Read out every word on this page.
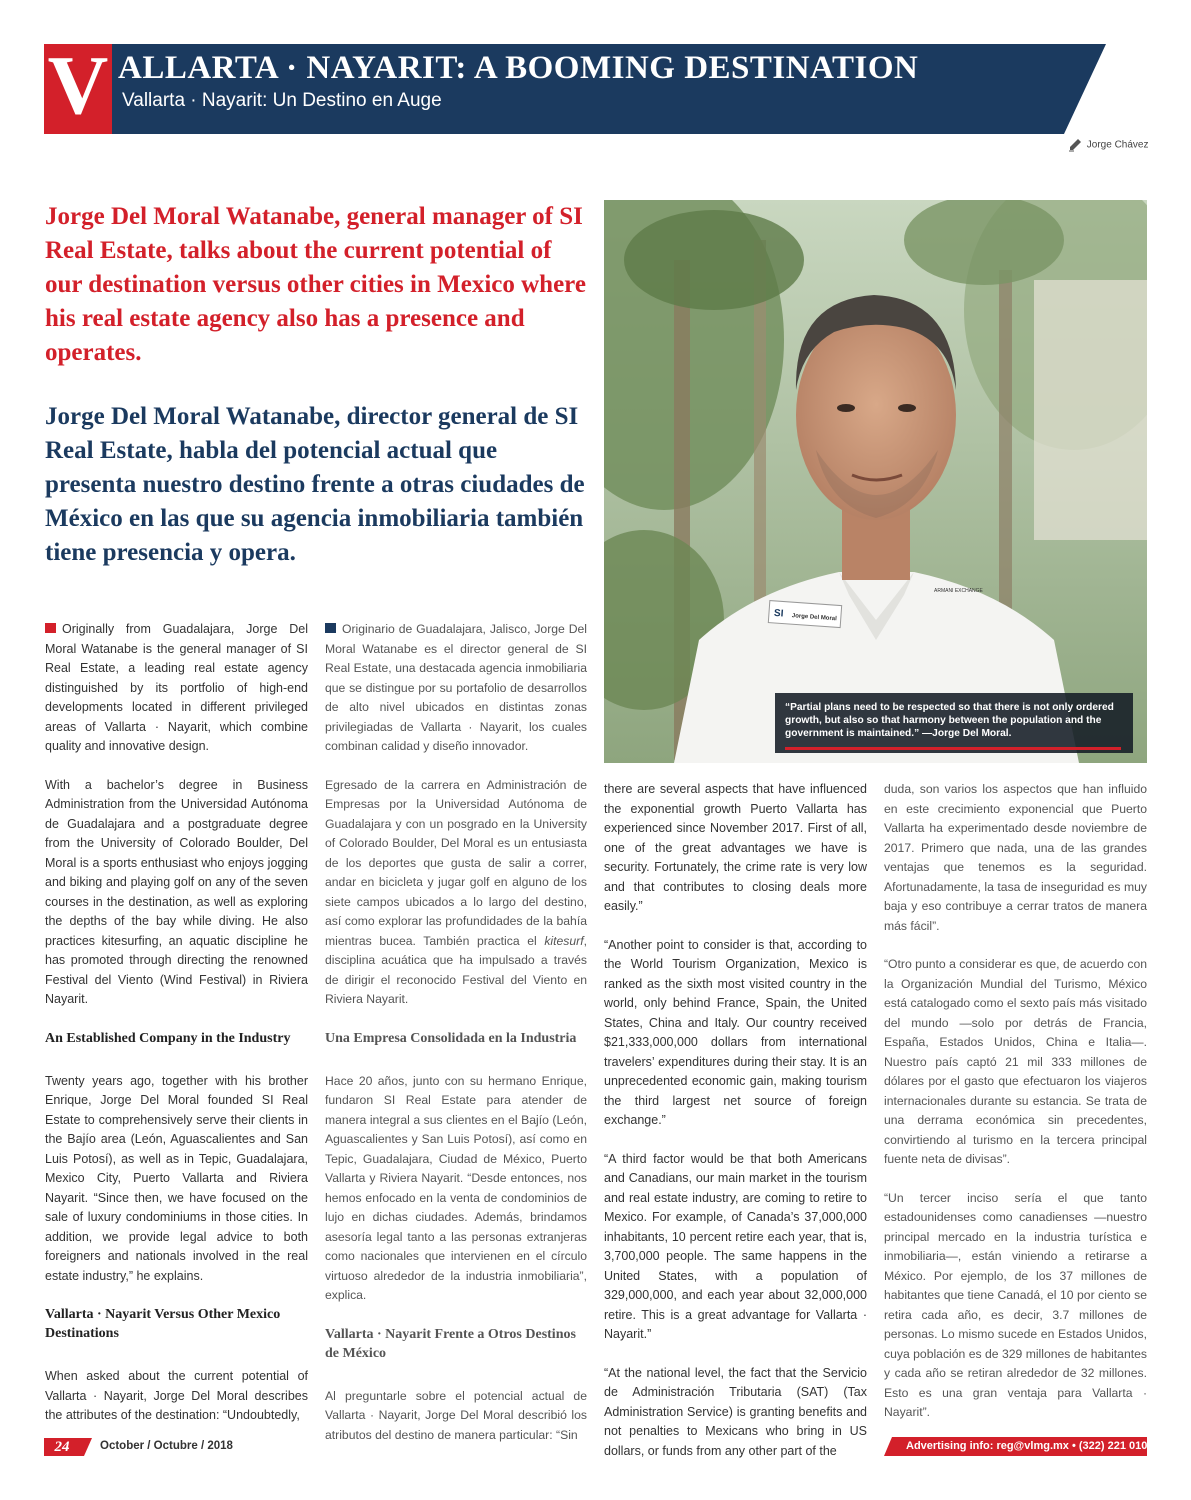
V ALLARTA · NAYARIT: A BOOMING DESTINATION
Vallarta · Nayarit: Un Destino en Auge
Jorge Chávez
Jorge Del Moral Watanabe, general manager of SI Real Estate, talks about the current potential of our destination versus other cities in Mexico where his real estate agency also has a presence and operates.
Jorge Del Moral Watanabe, director general de SI Real Estate, habla del potencial actual que presenta nuestro destino frente a otras ciudades de México en las que su agencia inmobiliaria también tiene presencia y opera.
SI Jorge Del Moral
ARMANI EXCHANGE
“Partial plans need to be respected so that there is not only ordered growth, but also so that harmony between the population and the government is maintained.” —Jorge Del Moral.

Originally from Guadalajara, Jorge Del Moral Watanabe is the general manager of SI Real Estate, a leading real estate agency distinguished by its portfolio of high-end developments located in different privileged areas of Vallarta · Nayarit, which combine quality and innovative design.

With a bachelor’s degree in Business Administration from the Universidad Autónoma de Guadalajara and a postgraduate degree from the University of Colorado Boulder, Del Moral is a sports enthusiast who enjoys jogging and biking and playing golf on any of the seven courses in the destination, as well as exploring the depths of the bay while diving. He also practices kitesurfing, an aquatic discipline he has promoted through directing the renowned Festival del Viento (Wind Festival) in Riviera Nayarit.

An Established Company in the Industry

Twenty years ago, together with his brother Enrique, Jorge Del Moral founded SI Real Estate to comprehensively serve their clients in the Bajío area (León, Aguascalientes and San Luis Potosí), as well as in Tepic, Guadalajara, Mexico City, Puerto Vallarta and Riviera Nayarit. “Since then, we have focused on the sale of luxury condominiums in those cities. In addition, we provide legal advice to both foreigners and nationals involved in the real estate industry,” he explains.

Vallarta · Nayarit Versus Other Mexico Destinations

When asked about the current potential of Vallarta · Nayarit, Jorge Del Moral describes the attributes of the destination: “Undoubtedly,

Originario de Guadalajara, Jalisco, Jorge Del Moral Watanabe es el director general de SI Real Estate, una destacada agencia inmobiliaria que se distingue por su portafolio de desarrollos de alto nivel ubicados en distintas zonas privilegiadas de Vallarta · Nayarit, los cuales combinan calidad y diseño innovador.

Egresado de la carrera en Administración de Empresas por la Universidad Autónoma de Guadalajara y con un posgrado en la University of Colorado Boulder, Del Moral es un entusiasta de los deportes que gusta de salir a correr, andar en bicicleta y jugar golf en alguno de los siete campos ubicados a lo largo del destino, así como explorar las profundidades de la bahía mientras bucea. También practica el kitesurf, disciplina acuática que ha impulsado a través de dirigir el reconocido Festival del Viento en Riviera Nayarit.

Una Empresa Consolidada en la Industria

Hace 20 años, junto con su hermano Enrique, fundaron SI Real Estate para atender de manera integral a sus clientes en el Bajío (León, Aguascalientes y San Luis Potosí), así como en Tepic, Guadalajara, Ciudad de México, Puerto Vallarta y Riviera Nayarit. “Desde entonces, nos hemos enfocado en la venta de condominios de lujo en dichas ciudades. Además, brindamos asesoría legal tanto a las personas extranjeras como nacionales que intervienen en el círculo virtuoso alrededor de la industria inmobiliaria”, explica.

Vallarta · Nayarit Frente a Otros Destinos de México

Al preguntarle sobre el potencial actual de Vallarta · Nayarit, Jorge Del Moral describió los atributos del destino de manera particular: “Sin

there are several aspects that have influenced the exponential growth Puerto Vallarta has experienced since November 2017. First of all, one of the great advantages we have is security. Fortunately, the crime rate is very low and that contributes to closing deals more easily.”

“Another point to consider is that, according to the World Tourism Organization, Mexico is ranked as the sixth most visited country in the world, only behind France, Spain, the United States, China and Italy. Our country received $21,333,000,000 dollars from international travelers’ expenditures during their stay. It is an unprecedented economic gain, making tourism the third largest net source of foreign exchange.”

“A third factor would be that both Americans and Canadians, our main market in the tourism and real estate industry, are coming to retire to Mexico. For example, of Canada’s 37,000,000 inhabitants, 10 percent retire each year, that is, 3,700,000 people. The same happens in the United States, with a population of 329,000,000, and each year about 32,000,000 retire. This is a great advantage for Vallarta · Nayarit.”

“At the national level, the fact that the Servicio de Administración Tributaria (SAT) (Tax Administration Service) is granting benefits and not penalties to Mexicans who bring in US dollars, or funds from any other part of the

duda, son varios los aspectos que han influido en este crecimiento exponencial que Puerto Vallarta ha experimentado desde noviembre de 2017. Primero que nada, una de las grandes ventajas que tenemos es la seguridad. Afortunadamente, la tasa de inseguridad es muy baja y eso contribuye a cerrar tratos de manera más fácil”.

“Otro punto a considerar es que, de acuerdo con la Organización Mundial del Turismo, México está catalogado como el sexto país más visitado del mundo —solo por detrás de Francia, España, Estados Unidos, China e Italia—. Nuestro país captó 21 mil 333 millones de dólares por el gasto que efectuaron los viajeros internacionales durante su estancia. Se trata de una derrama económica sin precedentes, convirtiendo al turismo en la tercera principal fuente neta de divisas”.

“Un tercer inciso sería el que tanto estadounidenses como canadienses —nuestro principal mercado en la industria turística e inmobiliaria—, están viniendo a retirarse a México. Por ejemplo, de los 37 millones de habitantes que tiene Canadá, el 10 por ciento se retira cada año, es decir, 3.7 millones de personas. Lo mismo sucede en Estados Unidos, cuya población es de 329 millones de habitantes y cada año se retiran alrededor de 32 millones. Esto es una gran ventaja para Vallarta · Nayarit”.

24	October / Octubre / 2018	Advertising info: reg@vlmg.mx • (322) 221 0106
